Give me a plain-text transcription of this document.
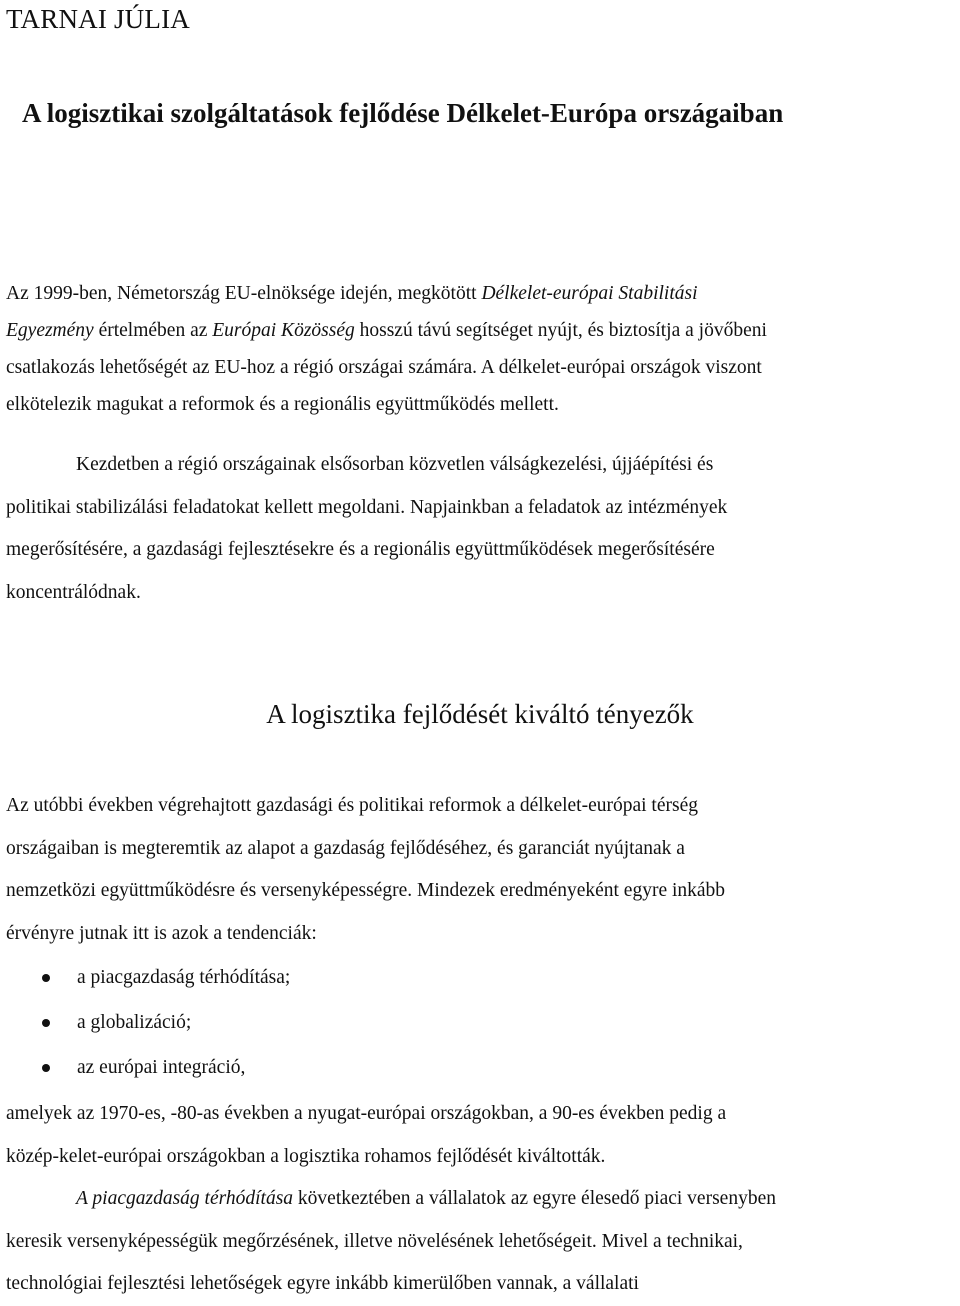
TARNAI JÚLIA
A logisztikai szolgáltatások fejlődése Délkelet-Európa országaiban
Az 1999-ben, Németország EU-elnöksége idején, megkötött Délkelet-európai Stabilitási
Egyezmény értelmében az Európai Közösség hosszú távú segítséget nyújt, és biztosítja a jövőbeni
csatlakozás lehetőségét az EU-hoz a régió országai számára. A délkelet-európai országok viszont
elkötelezik magukat a reformok és a regionális együttműködés mellett.
Kezdetben a régió országainak elsősorban közvetlen válságkezelési, újjáépítési és
politikai stabilizálási feladatokat kellett megoldani. Napjainkban a feladatok az intézmények
megerősítésére, a gazdasági fejlesztésekre és a regionális együttműködések megerősítésére
koncentrálódnak.
A logisztika fejlődését kiváltó tényezők
Az utóbbi években végrehajtott gazdasági és politikai reformok a délkelet-európai térség
országaiban is megteremtik az alapot a gazdaság fejlődéséhez, és garanciát nyújtanak a
nemzetközi együttműködésre és versenyképességre. Mindezek eredményeként egyre inkább
érvényre jutnak itt is azok a tendenciák:
a piacgazdaság térhódítása;
a globalizáció;
az európai integráció,
amelyek az 1970-es, -80-as években a nyugat-európai országokban, a 90-es években pedig a
közép-kelet-európai országokban a logisztika rohamos fejlődését kiváltották.
A piacgazdaság térhódítása következtében a vállalatok az egyre élesedő piaci versenyben
keresik versenyképességük megőrzésének, illetve növelésének lehetőségeit. Mivel a technikai,
technológiai fejlesztési lehetőségek egyre inkább kimerülőben vannak, a vállalati
